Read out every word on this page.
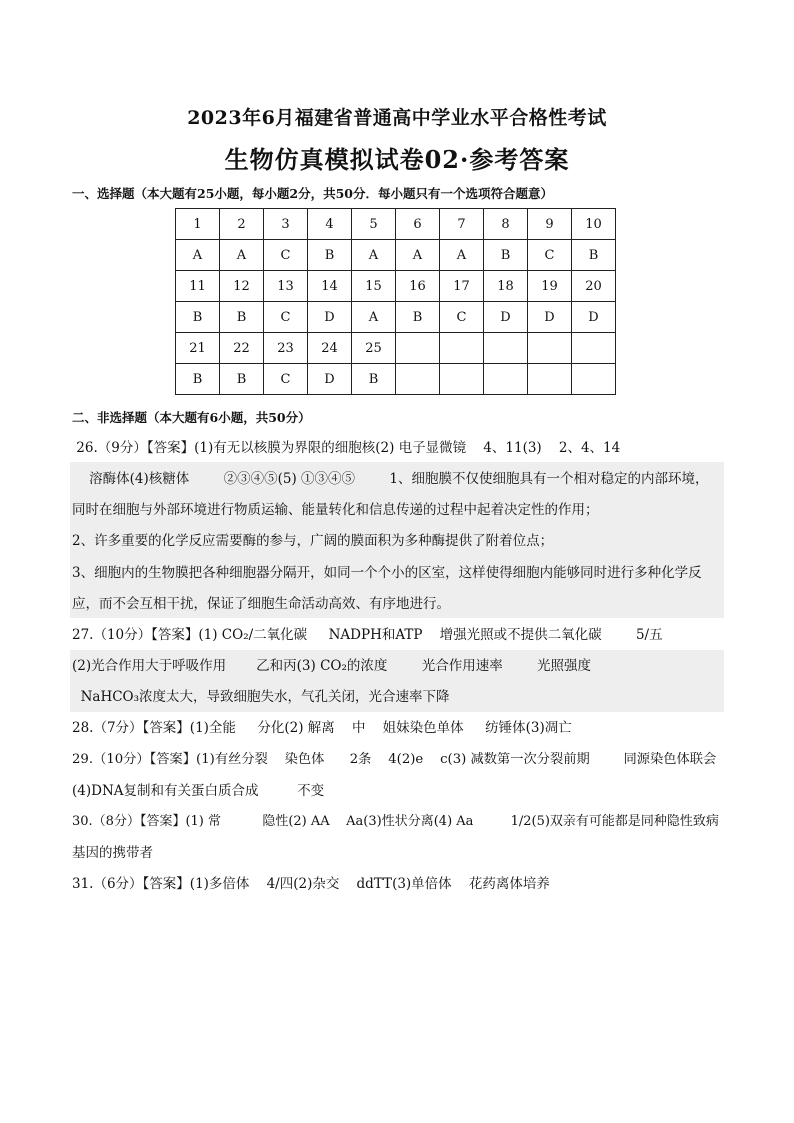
2023年6月福建省普通高中学业水平合格性考试
生物仿真模拟试卷02·参考答案
一、选择题（本大题有25小题，每小题2分，共50分．每小题只有一个选项符合题意）
1	2	3	4	5	6	7	8	9	10
A	A	C	B	A	A	A	B	C	B
11	12	13	14	15	16	17	18	19	20
B	B	C	D	A	B	C	D	D	D
21	22	23	24	25					
B	B	C	D	B					
二、非选择题（本大题有6小题，共50分）
26.（9分）【答案】(1)有无以核膜为界限的细胞核(2) 电子显微镜    4、11(3)    2、4、14
溶酶体(4)核糖体        ②③④⑤(5) ①③④⑤        1、细胞膜不仅使细胞具有一个相对稳定的内部环境，
同时在细胞与外部环境进行物质运输、能量转化和信息传递的过程中起着决定性的作用；
2、许多重要的化学反应需要酶的参与，广阔的膜面积为多种酶提供了附着位点；
3、细胞内的生物膜把各种细胞器分隔开，如同一个个小的区室，这样使得细胞内能够同时进行多种化学反
应，而不会互相干扰，保证了细胞生命活动高效、有序地进行。
27.（10分）【答案】(1) CO₂/二氧化碳     NADPH和ATP    增强光照或不提供二氧化碳        5/五
(2)光合作用大于呼吸作用       乙和丙(3) CO₂的浓度        光合作用速率        光照强度
NaHCO₃浓度太大，导致细胞失水，气孔关闭，光合速率下降
28.（7分）【答案】(1)全能     分化(2) 解离    中    姐妹染色单体     纺锤体(3)凋亡
29.（10分）【答案】(1)有丝分裂    染色体      2条    4(2)e    c(3) 减数第一次分裂前期        同源染色体联会
(4)DNA复制和有关蛋白质合成         不变
30.（8分）【答案】(1) 常          隐性(2) AA    Aa(3)性状分离(4) Aa         1/2(5)双亲有可能都是同种隐性致病
基因的携带者
31.（6分）【答案】(1)多倍体    4/四(2)杂交    ddTT(3)单倍体    花药离体培养
